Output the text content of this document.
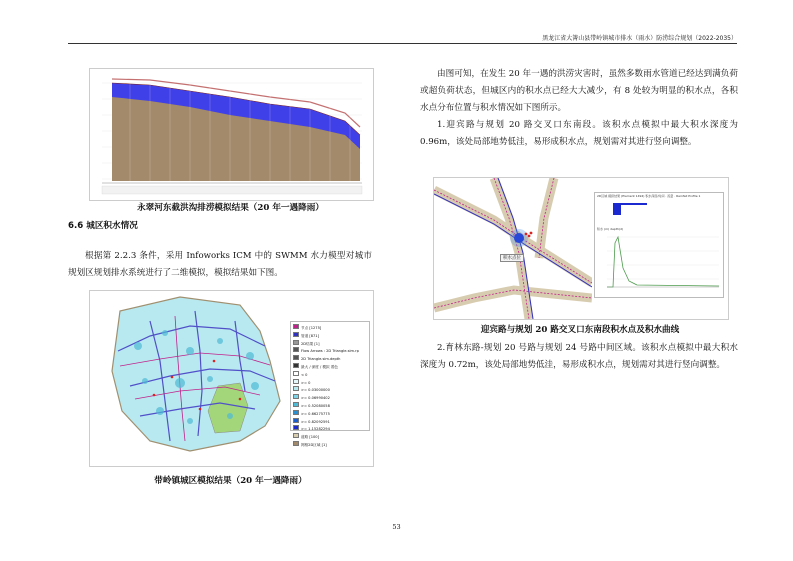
黑龙江省大箐山县带岭镇城市排水（雨水）防涝综合规划（2022-2035）
永翠河东截洪沟排涝模拟结果（20 年一遇降雨）
6.6 城区积水情况

根据第 2.2.3 条件，采用 Infoworks ICM 中的 SWMM 水力模型对城市规划区规划排水系统进行了二维模拟，模拟结果如下图。

节点 [1275]
管道 [871]
2D结果 [1]
Flow Arrows : 2D Triangle.sim.rp
2D Triangle.sim.depth
最大 / 深度 / 模拟 着色
< 0
>= 0
>= 0.03000000
>= 0.06990402
>= 0.52080058
>= 0.66275775
>= 0.82092591
>= 1.15282294
道路 [100]
网格2D区域 [1]
带岭镇城区模拟结果（20 年一遇降雨）

由图可知，在发生 20 年一遇的洪涝灾害时，虽然多数雨水管道已经达到满负荷或超负荷状态，但城区内的积水点已经大大减少，有 8 处较为明显的积水点，各积水点分布位置与积水情况如下图所示。

1.迎宾路与规划 20 路交叉口东南段。该积水点模拟中最大积水深度为 0.96m，该处局部地势低洼，易形成积水点，规划需对其进行竖向调整。

积水点位
2D区域 模拟结果 (Element 1494) 积水深度/时间 · 流量 · Rainfall Profile 1
积水 (m) depth(d)
迎宾路与规划 20 路交叉口东南段积水点及积水曲线

2.育林东路-规划 20 号路与规划 24 号路中间区域。该积水点模拟中最大积水深度为 0.72m，该处局部地势低洼，易形成积水点，规划需对其进行竖向调整。

53
